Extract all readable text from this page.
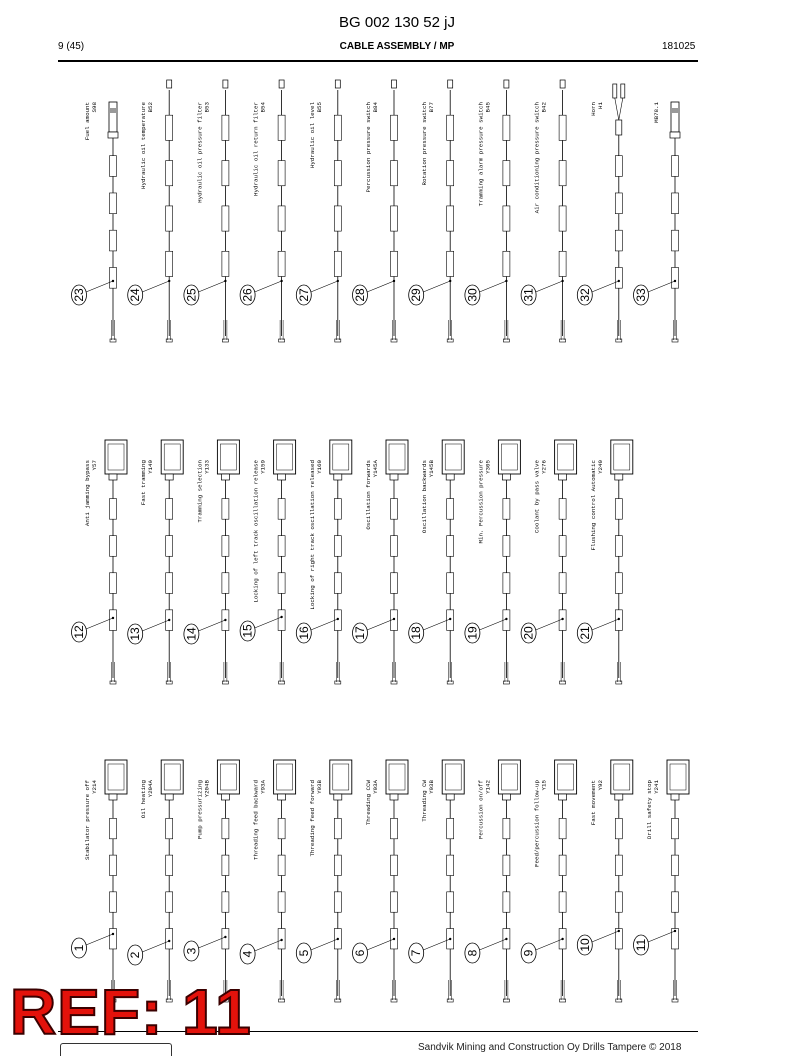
BG 002 130 52 jJ
9 (45)	CABLE ASSEMBLY / MP	181025
Y214
Stabilator pressure off
1
Y204A
Oil heating
2
Y204B
Pump pressurizing
3
Y93A
Threading feed backward
4
Y93B
Threading feed forward
5
Y93A
Threading CCW
6
Y93B
Threading CW
7
Y142
Percussion on/off
8
Y15
Feed/percussion follow-up
9
Y92
Fast movement
10
Y241
Drill safety stop
11
Y57
Anti jamming bypass
12
Y149
Fast tramming
13
Y133
Tramming selection
14
Y159
Locking of left track oscillation release
15
Y160
Locking of right track oscillation released
16
Y145A
Oscillation forwards
17
Y145B
Oscillation backwards
18
Y305
Min. Percussion pressure
19
Y276
Coolant by pass valve
20
Y240
Flushing control Automatic
21
S98
Fuel amount
23
B52
Hydraulic oil temperature
24
B53
Hydraulic oil pressure filter
25
B54
Hydraulic oil return filter
26
B55
Hydraulic oil level
27
B84
Percussion pressure switch
28
B77
Rotation pressure switch
29
B45
Tramming alarm pressure switch
30
B42
Air conditioning pressure switch
31
H1
Horn
32
MB78.1
33
REF: 11	Sandvik Mining and Construction Oy Drills Tampere © 2018
